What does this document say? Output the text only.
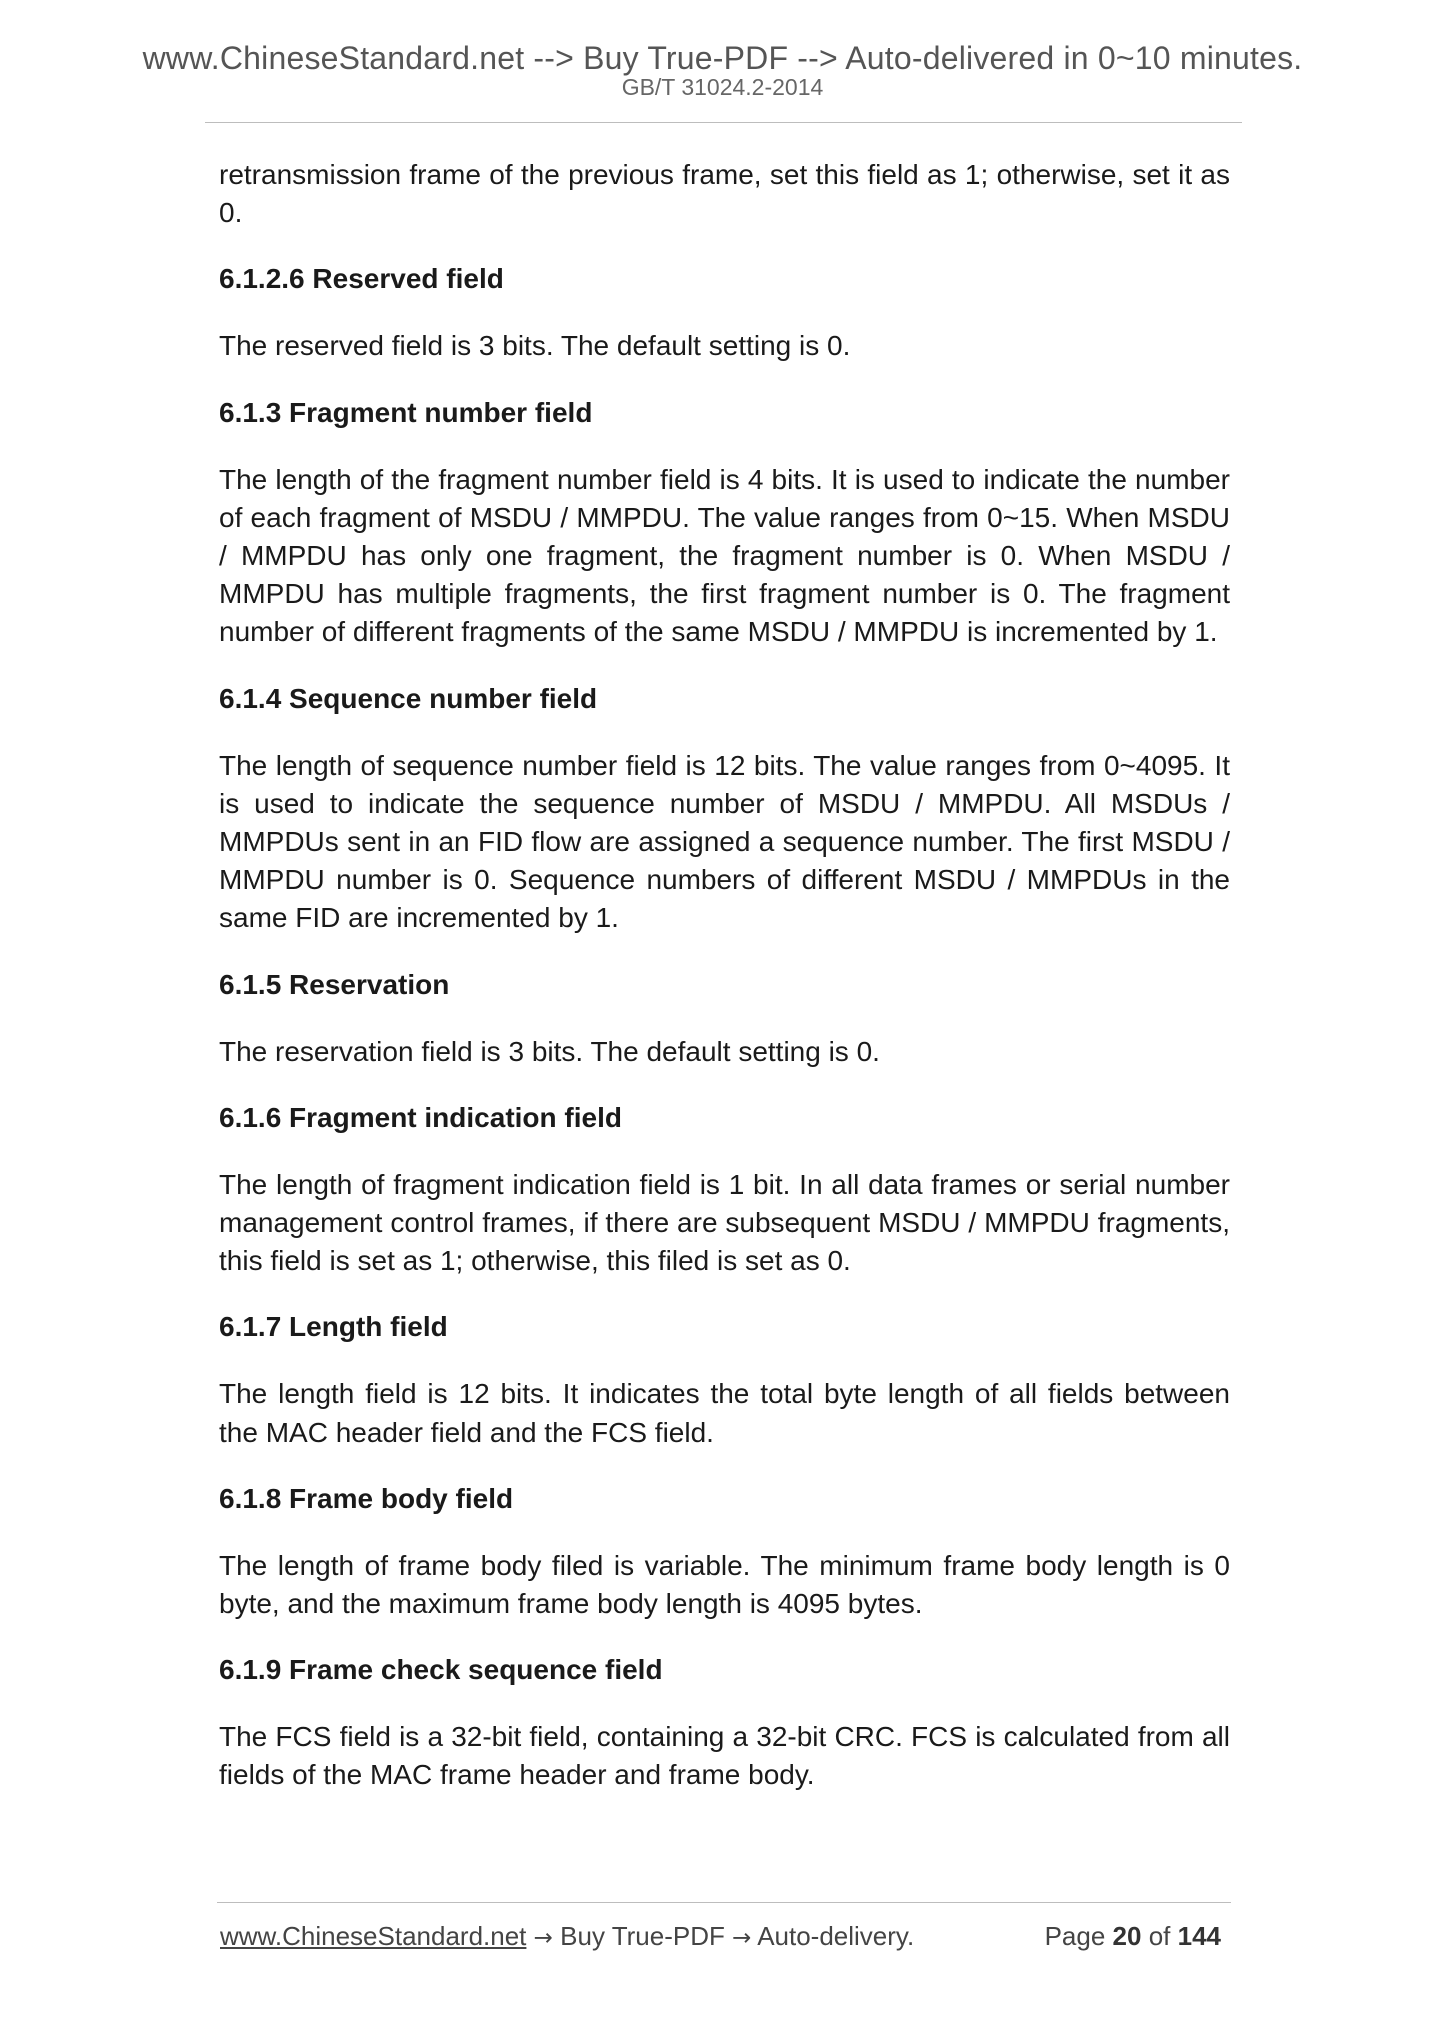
www.ChineseStandard.net --> Buy True-PDF --> Auto-delivered in 0~10 minutes.
GB/T 31024.2-2014

retransmission frame of the previous frame, set this field as 1; otherwise, set it as 0.

6.1.2.6 Reserved field

The reserved field is 3 bits. The default setting is 0.

6.1.3 Fragment number field

The length of the fragment number field is 4 bits. It is used to indicate the number of each fragment of MSDU / MMPDU. The value ranges from 0~15. When MSDU / MMPDU has only one fragment, the fragment number is 0. When MSDU / MMPDU has multiple fragments, the first fragment number is 0. The fragment number of different fragments of the same MSDU / MMPDU is incremented by 1.

6.1.4 Sequence number field

The length of sequence number field is 12 bits. The value ranges from 0~4095. It is used to indicate the sequence number of MSDU / MMPDU. All MSDUs / MMPDUs sent in an FID flow are assigned a sequence number. The first MSDU / MMPDU number is 0. Sequence numbers of different MSDU / MMPDUs in the same FID are incremented by 1.

6.1.5 Reservation

The reservation field is 3 bits. The default setting is 0.

6.1.6 Fragment indication field

The length of fragment indication field is 1 bit. In all data frames or serial number management control frames, if there are subsequent MSDU / MMPDU fragments, this field is set as 1; otherwise, this filed is set as 0.

6.1.7 Length field

The length field is 12 bits. It indicates the total byte length of all fields between the MAC header field and the FCS field.

6.1.8 Frame body field

The length of frame body filed is variable. The minimum frame body length is 0 byte, and the maximum frame body length is 4095 bytes.

6.1.9 Frame check sequence field

The FCS field is a 32-bit field, containing a 32-bit CRC. FCS is calculated from all fields of the MAC frame header and frame body.

www.ChineseStandard.net → Buy True-PDF → Auto-delivery.	Page 20 of 144
